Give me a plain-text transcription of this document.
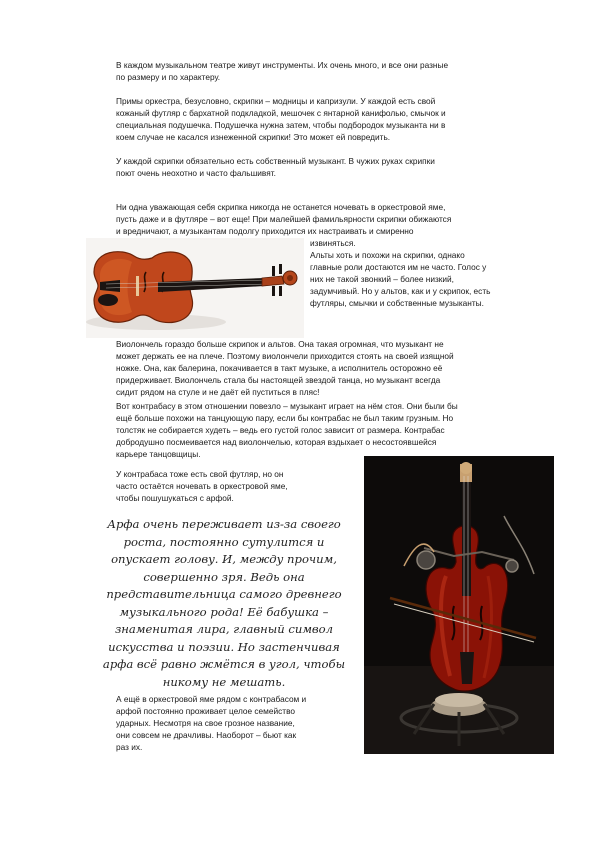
В каждом музыкальном театре живут инструменты. Их очень много, и все они разные
по размеру и по характеру.
Примы оркестра, безусловно, скрипки – модницы и капризули. У каждой есть свой
кожаный футляр с бархатной подкладкой, мешочек с янтарной канифолью, смычок и
специальная подушечка. Подушечка нужна затем, чтобы подбородок музыканта ни в
коем случае не касался изнеженной скрипки! Это может ей повредить.
У каждой скрипки обязательно есть собственный музыкант. В чужих руках скрипки
поют очень неохотно и часто фальшивят.
Ни одна уважающая себя скрипка никогда не останется ночевать в оркестровой яме,
пусть даже и в футляре – вот еще! При малейшей фамильярности скрипки обижаются
и вредничают, а музыкантам подолгу приходится их настраивать и смиренно
извиняться.
Альты хоть и похожи на скрипки, однако
главные роли достаются им не часто. Голос у
них не такой звонкий – более низкий,
задумчивый. Но у альтов, как и у скрипок, есть
футляры, смычки и собственные музыканты.
Виолончель гораздо больше скрипок и альтов. Она такая огромная, что музыкант не
может держать ее на плече. Поэтому виолончели приходится стоять на своей изящной
ножке. Она, как балерина, покачивается в такт музыке, а исполнитель осторожно её
придерживает. Виолончель стала бы настоящей звездой танца, но музыкант всегда
сидит рядом на стуле и не даёт ей пуститься в пляс!
Вот контрабасу в этом отношении повезло – музыкант играет на нём стоя. Они были бы
ещё больше похожи на танцующую пару, если бы контрабас не был таким грузным. Но
толстяк не собирается худеть – ведь его густой голос зависит от размера. Контрабас
добродушно посмеивается над виолончелью, которая вздыхает о несостоявшейся
карьере танцовщицы.
У контрабаса тоже есть свой футляр, но он
часто остаётся ночевать в оркестровой яме,
чтобы пошушукаться с арфой.
Арфа очень переживает из-за своего
роста, постоянно сутулится и
опускает голову. И, между прочим,
совершенно зря. Ведь она
представительница самого древнего
музыкального рода! Её бабушка –
знаменитая лира, главный символ
искусства и поэзии. Но застенчивая
арфа всё равно жмётся в угол, чтобы
никому не мешать.
А ещё в оркестровой яме рядом с контрабасом и
арфой постоянно проживает целое семейство
ударных. Несмотря на свое грозное название,
они совсем не драчливы. Наоборот – бьют как
раз их.
